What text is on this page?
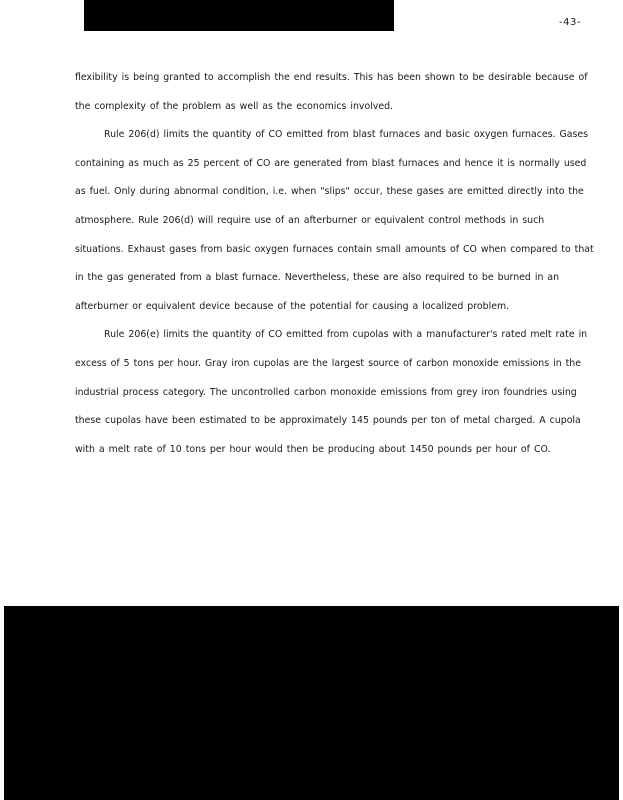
-43-

flexibility is being granted to accomplish the end results. This has been shown to be desirable because of the complexity of the problem as well as the economics involved.

Rule 206(d) limits the quantity of CO emitted from blast furnaces and basic oxygen furnaces. Gases containing as much as 25 percent of CO are generated from blast furnaces and hence it is normally used as fuel. Only during abnormal condition, i.e. when "slips" occur, these gases are emitted directly into the atmosphere. Rule 206(d) will require use of an afterburner or equivalent control methods in such situations. Exhaust gases from basic oxygen furnaces contain small amounts of CO when compared to that in the gas generated from a blast furnace. Nevertheless, these are also required to be burned in an afterburner or equivalent device because of the potential for causing a localized problem.

Rule 206(e) limits the quantity of CO emitted from cupolas with a manufacturer's rated melt rate in excess of 5 tons per hour. Gray iron cupolas are the largest source of carbon monoxide emissions in the industrial process category. The uncontrolled carbon monoxide emissions from grey iron foundries using these cupolas have been estimated to be approximately 145 pounds per ton of metal charged. A cupola with a melt rate of 10 tons per hour would then be producing about 1450 pounds per hour of CO.
